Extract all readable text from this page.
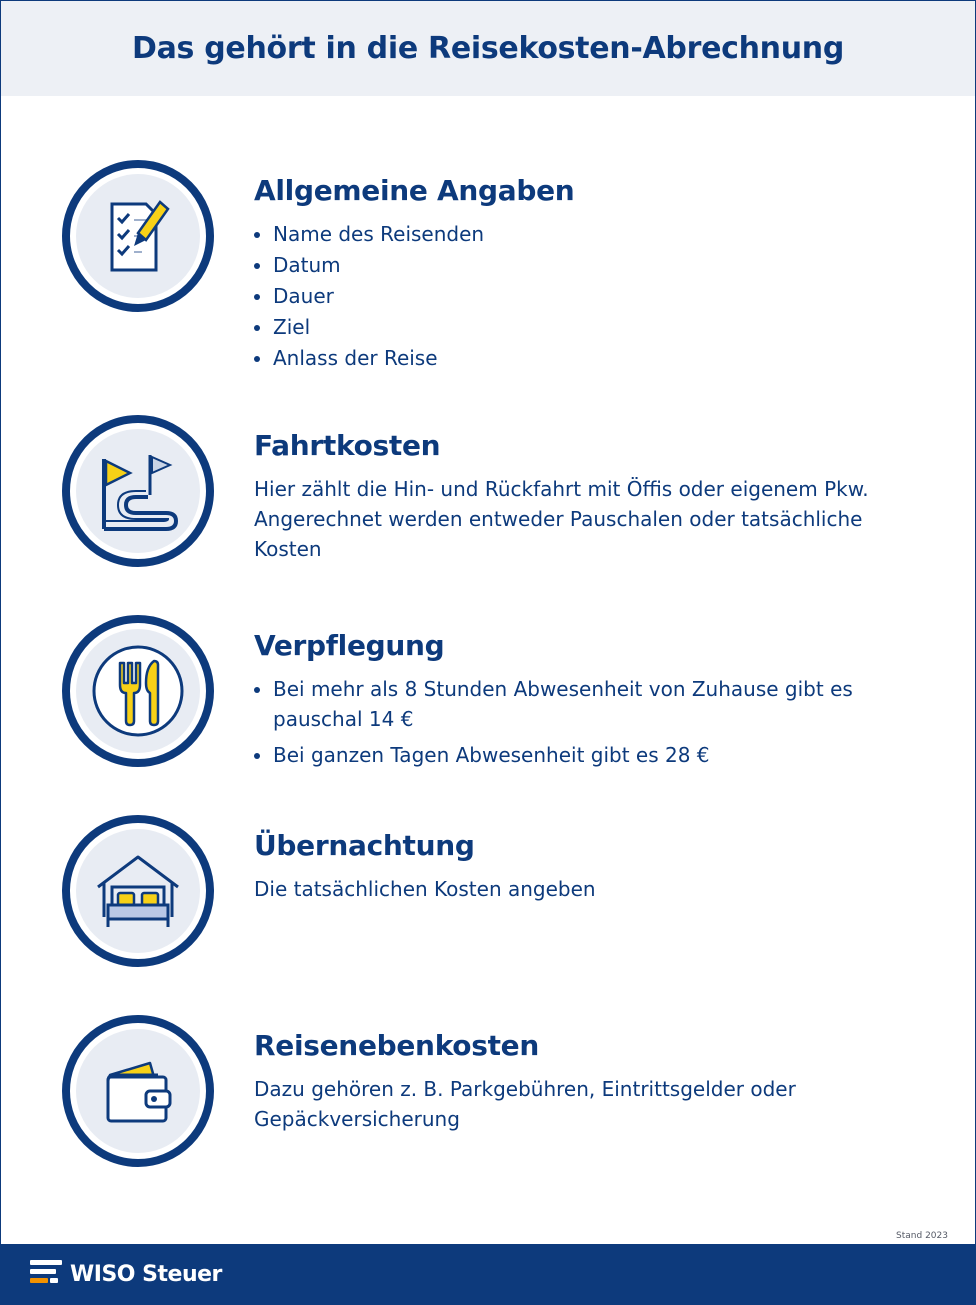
Das gehört in die Reisekosten-Abrechnung
Allgemeine Angaben
Name des Reisenden
Datum
Dauer
Ziel
Anlass der Reise
Fahrtkosten

Hier zählt die Hin- und Rückfahrt mit Öffis oder eigenem Pkw. Angerechnet werden entweder Pauschalen oder tatsächliche Kosten

Verpflegung
Bei mehr als 8 Stunden Abwesenheit von Zuhause gibt es pauschal 14 €
Bei ganzen Tagen Abwesenheit gibt es 28 €
Übernachtung

Die tatsächlichen Kosten angeben

Reisenebenkosten

Dazu gehören z. B. Parkgebühren, Eintrittsgelder oder Gepäckversicherung

Stand 2023
WISO Steuer
